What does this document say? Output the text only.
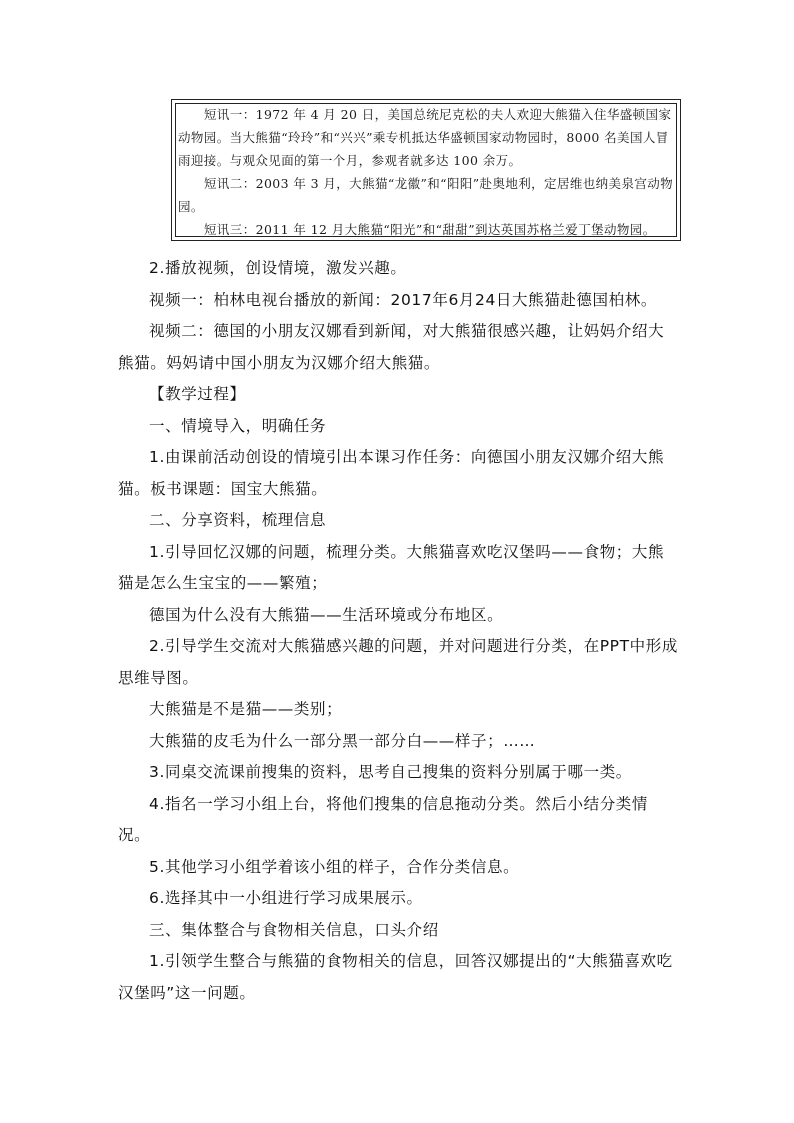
短讯一：1972 年 4 月 20 日，美国总统尼克松的夫人欢迎大熊猫入住华盛顿国家动物园。当大熊猫“玲玲”和“兴兴”乘专机抵达华盛顿国家动物园时，8000 名美国人冒雨迎接。与观众见面的第一个月，参观者就多达 100 余万。

短讯二：2003 年 3 月，大熊猫“龙徽”和“阳阳”赴奥地利，定居维也纳美泉宫动物园。

短讯三：2011 年 12 月大熊猫“阳光”和“甜甜”到达英国苏格兰爱丁堡动物园。

2.播放视频，创设情境，激发兴趣。

视频一：柏林电视台播放的新闻：2017年6月24日大熊猫赴德国柏林。

视频二：德国的小朋友汉娜看到新闻，对大熊猫很感兴趣，让妈妈介绍大熊猫。妈妈请中国小朋友为汉娜介绍大熊猫。

【教学过程】

一、情境导入，明确任务

1.由课前活动创设的情境引出本课习作任务：向德国小朋友汉娜介绍大熊猫。板书课题：国宝大熊猫。

二、分享资料，梳理信息

1.引导回忆汉娜的问题，梳理分类。大熊猫喜欢吃汉堡吗——食物；大熊猫是怎么生宝宝的——繁殖；

德国为什么没有大熊猫——生活环境或分布地区。

2.引导学生交流对大熊猫感兴趣的问题，并对问题进行分类，在PPT中形成思维导图。

大熊猫是不是猫——类别；

大熊猫的皮毛为什么一部分黑一部分白——样子；……

3.同桌交流课前搜集的资料，思考自己搜集的资料分别属于哪一类。

4.指名一学习小组上台，将他们搜集的信息拖动分类。然后小结分类情况。

5.其他学习小组学着该小组的样子，合作分类信息。

6.选择其中一小组进行学习成果展示。

三、集体整合与食物相关信息，口头介绍

1.引领学生整合与熊猫的食物相关的信息，回答汉娜提出的“大熊猫喜欢吃汉堡吗”这一问题。
